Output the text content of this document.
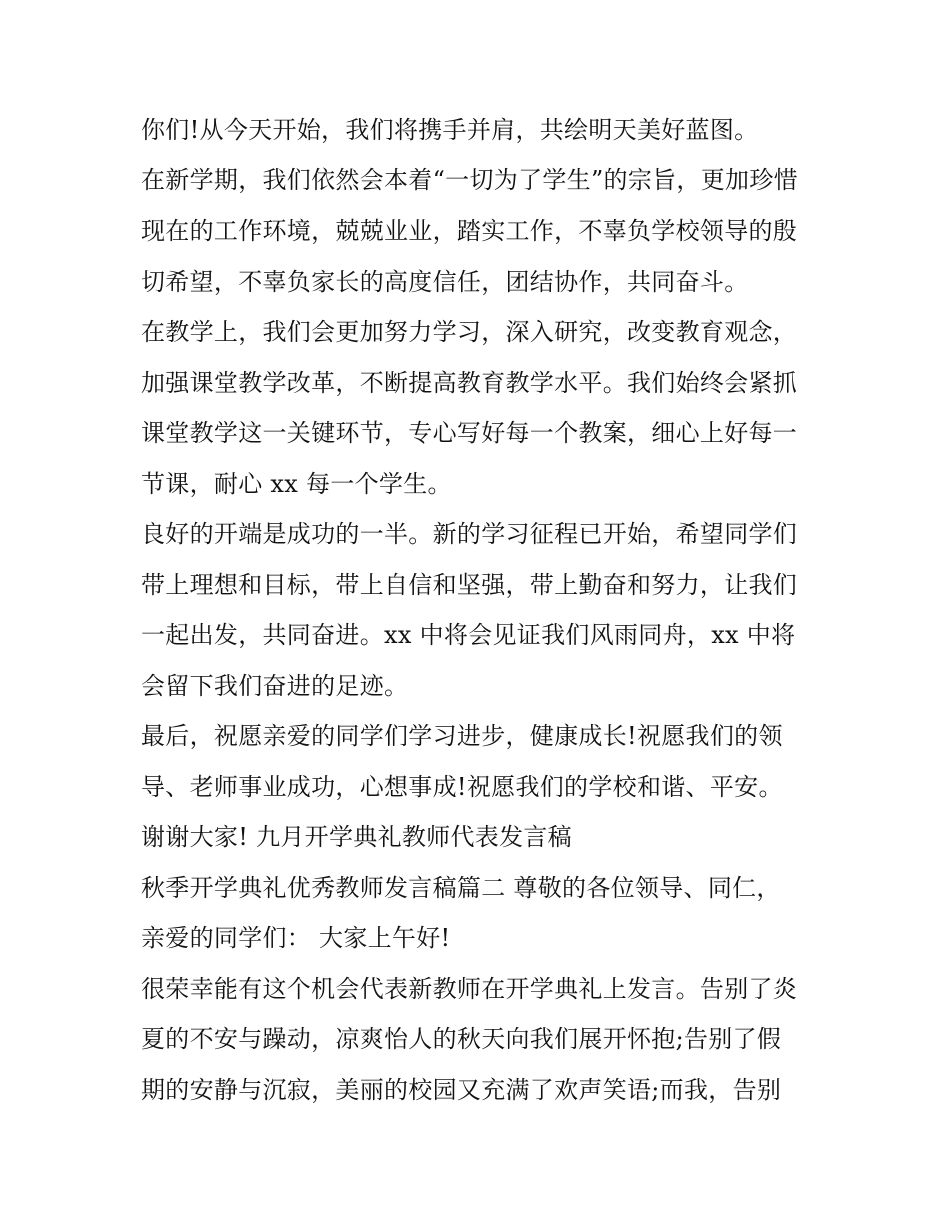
你们!从今天开始，我们将携手并肩，共绘明天美好蓝图。
在新学期，我们依然会本着“一切为了学生”的宗旨，更加珍惜
现在的工作环境，兢兢业业，踏实工作，不辜负学校领导的殷
切希望，不辜负家长的高度信任，团结协作，共同奋斗。
在教学上，我们会更加努力学习，深入研究，改变教育观念，
加强课堂教学改革，不断提高教育教学水平。我们始终会紧抓
课堂教学这一关键环节，专心写好每一个教案，细心上好每一
节课，耐心 xx 每一个学生。
良好的开端是成功的一半。新的学习征程已开始，希望同学们
带上理想和目标，带上自信和坚强，带上勤奋和努力，让我们
一起出发，共同奋进。xx 中将会见证我们风雨同舟，xx 中将
会留下我们奋进的足迹。
最后，祝愿亲爱的同学们学习进步，健康成长!祝愿我们的领
导、老师事业成功，心想事成!祝愿我们的学校和谐、平安。
谢谢大家! 九月开学典礼教师代表发言稿
秋季开学典礼优秀教师发言稿篇二 尊敬的各位领导、同仁，
亲爱的同学们： 大家上午好!
很荣幸能有这个机会代表新教师在开学典礼上发言。告别了炎
夏的不安与躁动，凉爽怡人的秋天向我们展开怀抱;告别了假
期的安静与沉寂，美丽的校园又充满了欢声笑语;而我，告别
